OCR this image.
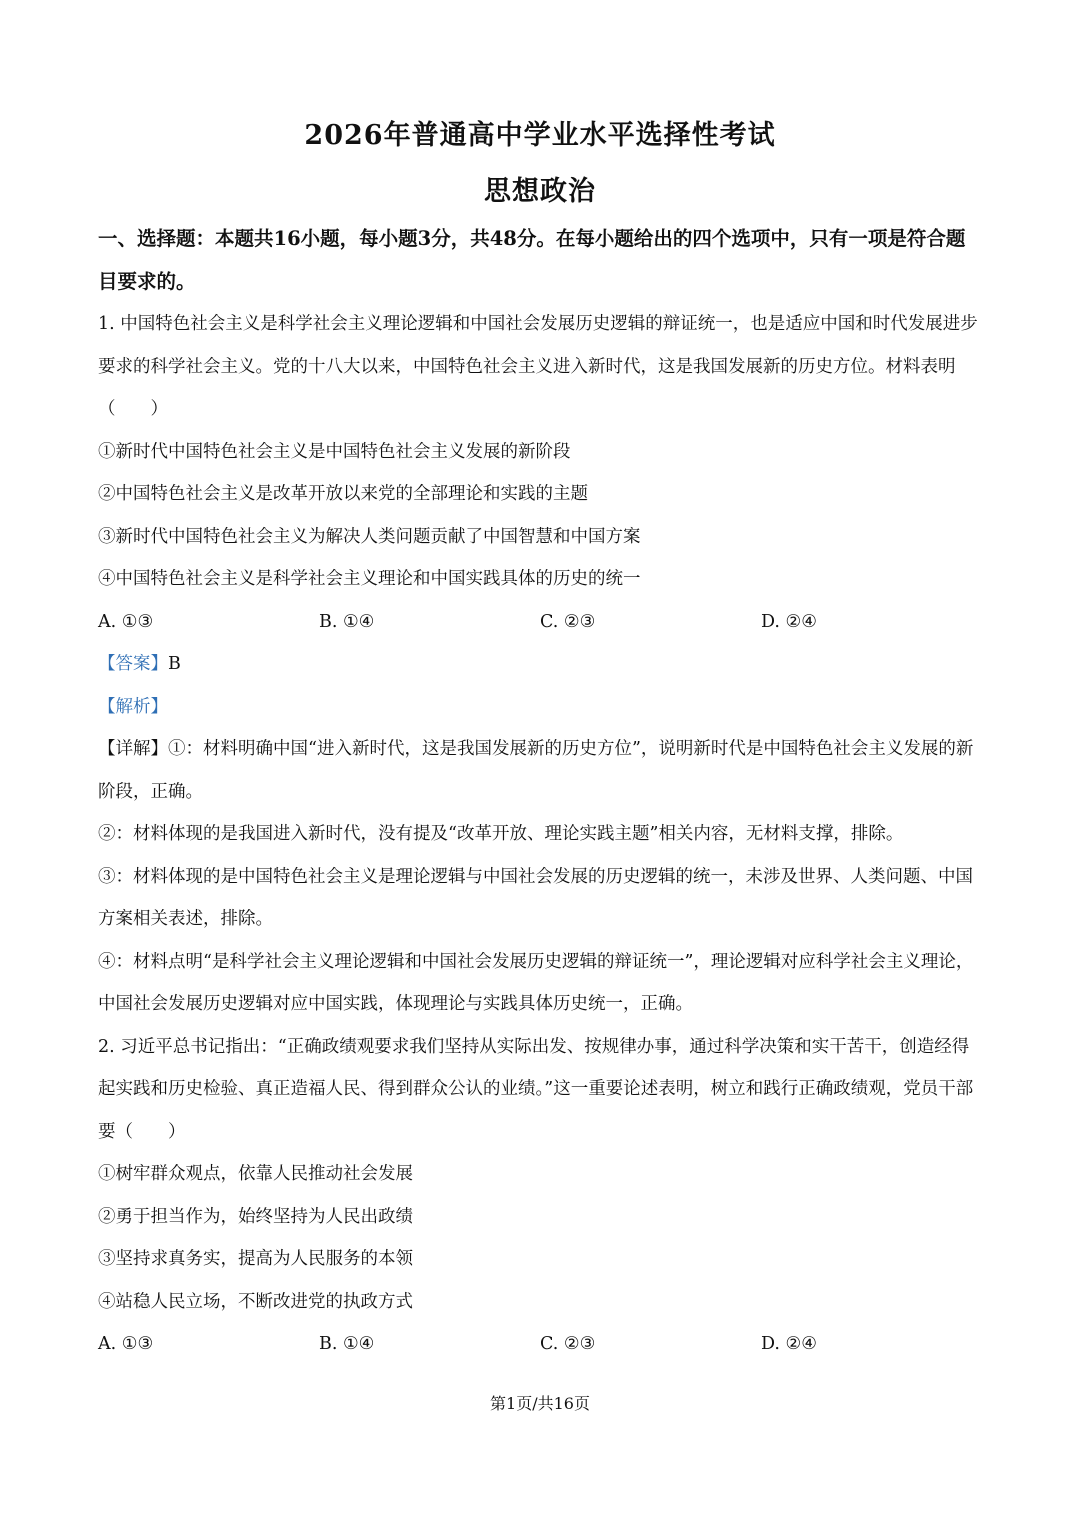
2026年普通高中学业水平选择性考试
思想政治
一、选择题：本题共16小题，每小题3分，共48分。在每小题给出的四个选项中，只有一项是符合题目要求的。

1. 中国特色社会主义是科学社会主义理论逻辑和中国社会发展历史逻辑的辩证统一，也是适应中国和时代发展进步要求的科学社会主义。党的十八大以来，中国特色社会主义进入新时代，这是我国发展新的历史方位。材料表明（　　）

①新时代中国特色社会主义是中国特色社会主义发展的新阶段

②中国特色社会主义是改革开放以来党的全部理论和实践的主题

③新时代中国特色社会主义为解决人类问题贡献了中国智慧和中国方案

④中国特色社会主义是科学社会主义理论和中国实践具体的历史的统一

A. ①③	B. ①④	C. ②③	D. ②④

【答案】B

【解析】

【详解】①：材料明确中国“进入新时代，这是我国发展新的历史方位”，说明新时代是中国特色社会主义发展的新阶段，正确。

②：材料体现的是我国进入新时代，没有提及“改革开放、理论实践主题”相关内容，无材料支撑，排除。

③：材料体现的是中国特色社会主义是理论逻辑与中国社会发展的历史逻辑的统一，未涉及世界、人类问题、中国方案相关表述，排除。

④：材料点明“是科学社会主义理论逻辑和中国社会发展历史逻辑的辩证统一”，理论逻辑对应科学社会主义理论，中国社会发展历史逻辑对应中国实践，体现理论与实践具体历史统一，正确。

2. 习近平总书记指出：“正确政绩观要求我们坚持从实际出发、按规律办事，通过科学决策和实干苦干，创造经得起实践和历史检验、真正造福人民、得到群众公认的业绩。”这一重要论述表明，树立和践行正确政绩观，党员干部要（　　）

①树牢群众观点，依靠人民推动社会发展

②勇于担当作为，始终坚持为人民出政绩

③坚持求真务实，提高为人民服务的本领

④站稳人民立场，不断改进党的执政方式

A. ①③	B. ①④	C. ②③	D. ②④
第1页/共16页
